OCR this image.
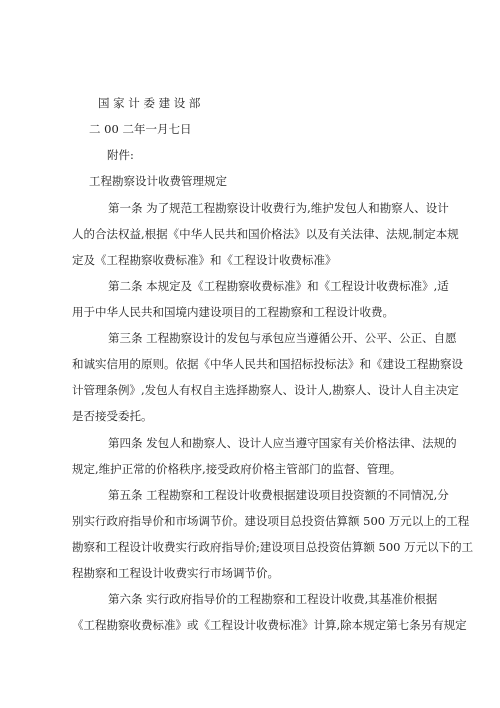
国 家 计 委 建 设 部
二 00 二年一月七日
附件:
工程勘察设计收费管理规定
第一条 为了规范工程勘察设计收费行为,维护发包人和勘察人、设计
人的合法权益,根据《中华人民共和国价格法》以及有关法律、法规,制定本规
定及《工程勘察收费标准》和《工程设计收费标准》
第二条 本规定及《工程勘察收费标准》和《工程设计收费标准》,适
用于中华人民共和国境内建设项目的工程勘察和工程设计收费。
第三条 工程勘察设计的发包与承包应当遵循公开、公平、公正、自愿
和诚实信用的原则。依据《中华人民共和国招标投标法》和《建设工程勘察设
计管理条例》,发包人有权自主选择勘察人、设计人,勘察人、设计人自主决定
是否接受委托。
第四条 发包人和勘察人、设计人应当遵守国家有关价格法律、法规的
规定,维护正常的价格秩序,接受政府价格主管部门的监督、管理。
第五条 工程勘察和工程设计收费根据建设项目投资额的不同情况,分
别实行政府指导价和市场调节价。建设项目总投资估算额 500 万元以上的工程
勘察和工程设计收费实行政府指导价;建设项目总投资估算额 500 万元以下的工
程勘察和工程设计收费实行市场调节价。
第六条 实行政府指导价的工程勘察和工程设计收费,其基准价根据
《工程勘察收费标准》或《工程设计收费标准》计算,除本规定第七条另有规定
